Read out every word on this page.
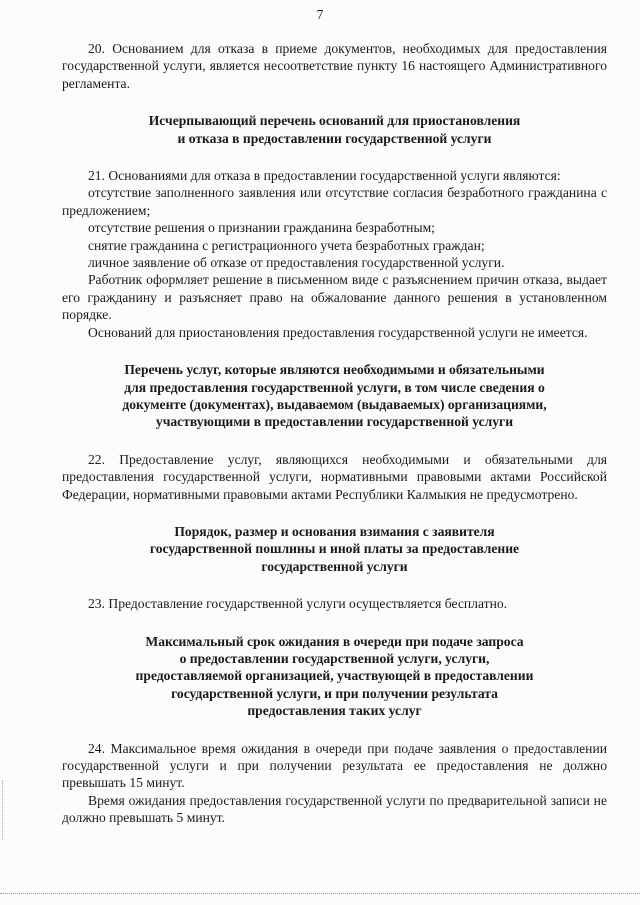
7

20. Основанием для отказа в приеме документов, необходимых для предоставления государственной услуги, является несоответствие пункту 16 настоящего Административного регламента.

Исчерпывающий перечень оснований для приостановления
и отказа в предоставлении государственной услуги

21. Основаниями для отказа в предоставлении государственной услуги являются:

отсутствие заполненного заявления или отсутствие согласия безработного гражданина с предложением;

отсутствие решения о признании гражданина безработным;

снятие гражданина с регистрационного учета безработных граждан;

личное заявление об отказе от предоставления государственной услуги.

Работник оформляет решение в письменном виде с разъяснением причин отказа, выдает его гражданину и разъясняет право на обжалование данного решения в установленном порядке.

Оснований для приостановления предоставления государственной услуги не имеется.

Перечень услуг, которые являются необходимыми и обязательными
для предоставления государственной услуги, в том числе сведения о
документе (документах), выдаваемом (выдаваемых) организациями,
участвующими в предоставлении государственной услуги

22. Предоставление услуг, являющихся необходимыми и обязательными для предоставления государственной услуги, нормативными правовыми актами Российской Федерации, нормативными правовыми актами Республики Калмыкия не предусмотрено.

Порядок, размер и основания взимания с заявителя
государственной пошлины и иной платы за предоставление
государственной услуги

23. Предоставление государственной услуги осуществляется бесплатно.

Максимальный срок ожидания в очереди при подаче запроса
о предоставлении государственной услуги, услуги,
предоставляемой организацией, участвующей в предоставлении
государственной услуги, и при получении результата
предоставления таких услуг

24. Максимальное время ожидания в очереди при подаче заявления о предоставлении государственной услуги и при получении результата ее предоставления не должно превышать 15 минут.

Время ожидания предоставления государственной услуги по предварительной записи не должно превышать 5 минут.
